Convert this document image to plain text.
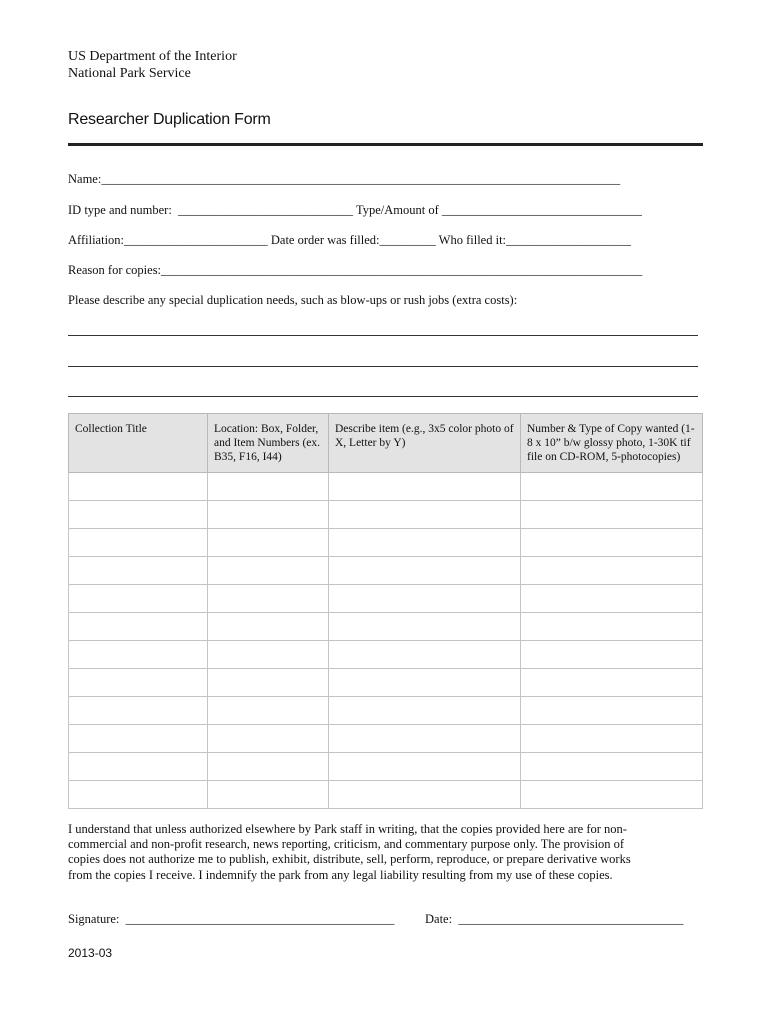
US Department of the Interior
National Park Service
Researcher Duplication Form
Name:___________________________________________________________________________________
ID type and number:  ____________________________ Type/Amount of ________________________________
Affiliation:_______________________ Date order was filled:_________ Who filled it:____________________
Reason for copies:_____________________________________________________________________________
Please describe any special duplication needs, such as blow-ups or rush jobs (extra costs):
Collection Title	Location: Box, Folder, and Item Numbers (ex. B35, F16, I44)	Describe item (e.g., 3x5 color photo of X, Letter by Y)	Number & Type of Copy wanted (1-8 x 10” b/w glossy photo, 1-30K tif file on CD-ROM, 5-photocopies)

I understand that unless authorized elsewhere by Park staff in writing, that the copies provided here are for non-commercial and non-profit research, news reporting, criticism, and commentary purpose only. The provision of copies does not authorize me to publish, exhibit, distribute, sell, perform, reproduce, or prepare derivative works from the copies I receive. I indemnify the park from any legal liability resulting from my use of these copies.
Signature:  ___________________________________________ Date:  ____________________________________
2013-03
